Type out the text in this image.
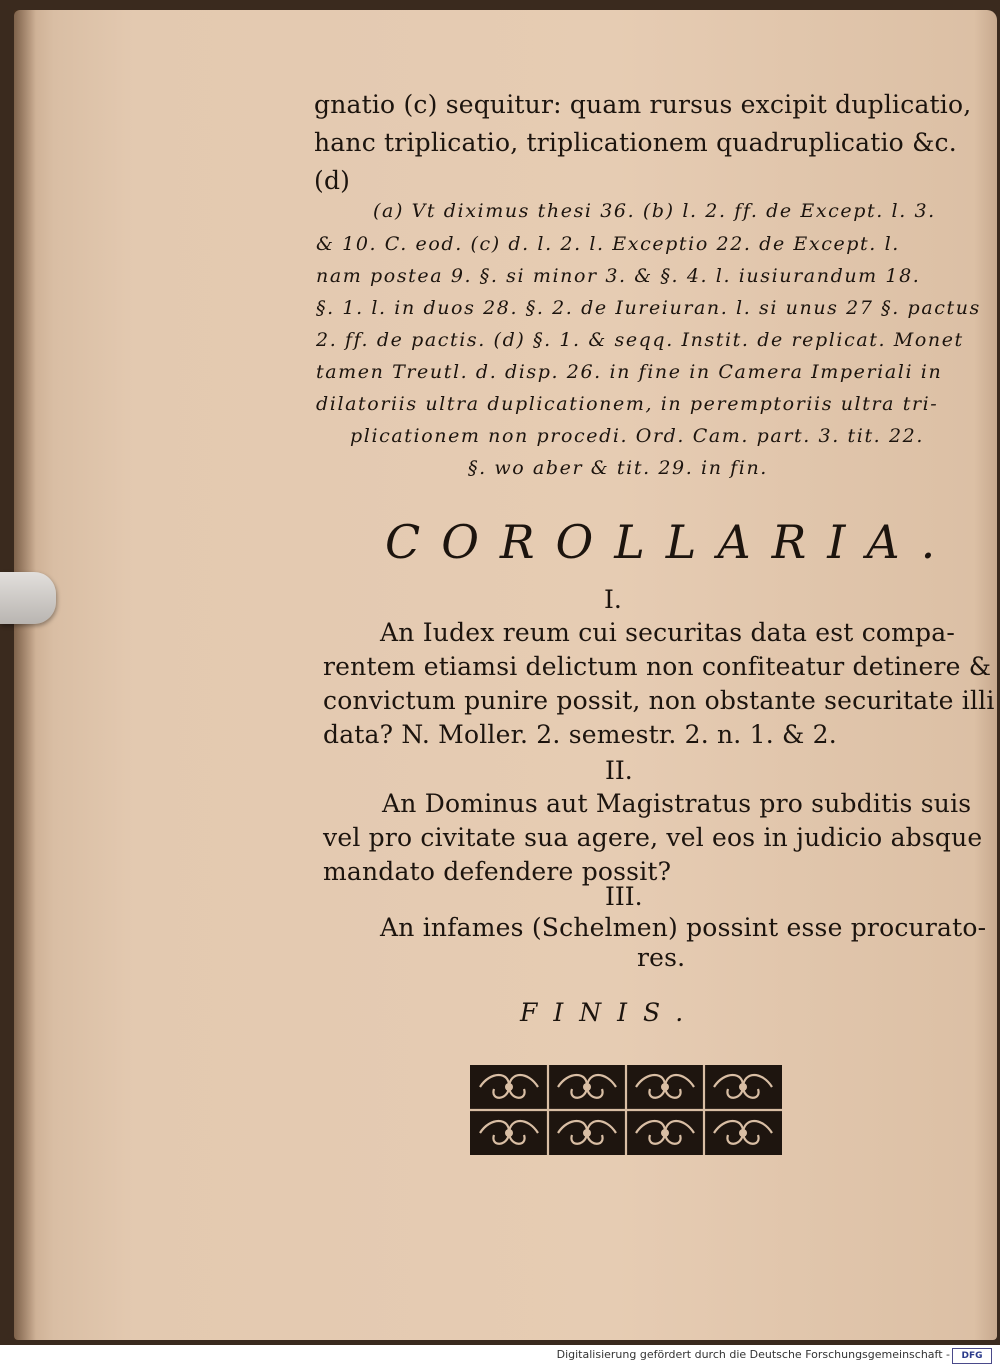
gnatio (c) sequitur: quam rursus excipit duplicatio,
hanc triplicatio, triplicationem quadruplicatio &c.
(d)
(a) Vt diximus thesi 36. (b) l. 2. ff. de Except. l. 3.
& 10. C. eod. (c) d. l. 2. l. Exceptio 22. de Except. l.
nam postea 9. §. si minor 3. & §. 4. l. iusiurandum 18.
§. 1. l. in duos 28. §. 2. de Iureiuran. l. si unus 27 §. pactus
2. ff. de pactis. (d) §. 1. & seqq. Instit. de replicat. Monet
tamen Treutl. d. disp. 26. in fine in Camera Imperiali in
dilatoriis ultra duplicationem, in peremptoriis ultra tri-
plicationem non procedi. Ord. Cam. part. 3. tit. 22.
§. wo aber & tit. 29. in fin.
COROLLARIA.
I.
An Iudex reum cui securitas data est compa-
rentem etiamsi delictum non confiteatur detinere &
convictum punire possit, non obstante securitate illi
data? N. Moller. 2. semestr. 2. n. 1. & 2.
II.
An Dominus aut Magistratus pro subditis suis
vel pro civitate sua agere, vel eos in judicio absque
mandato defendere possit?
III.
An infames (Schelmen) possint esse procurato-
res.
FINIS.
Digitalisierung gefördert durch die Deutsche Forschungsgemeinschaft -	DFG
